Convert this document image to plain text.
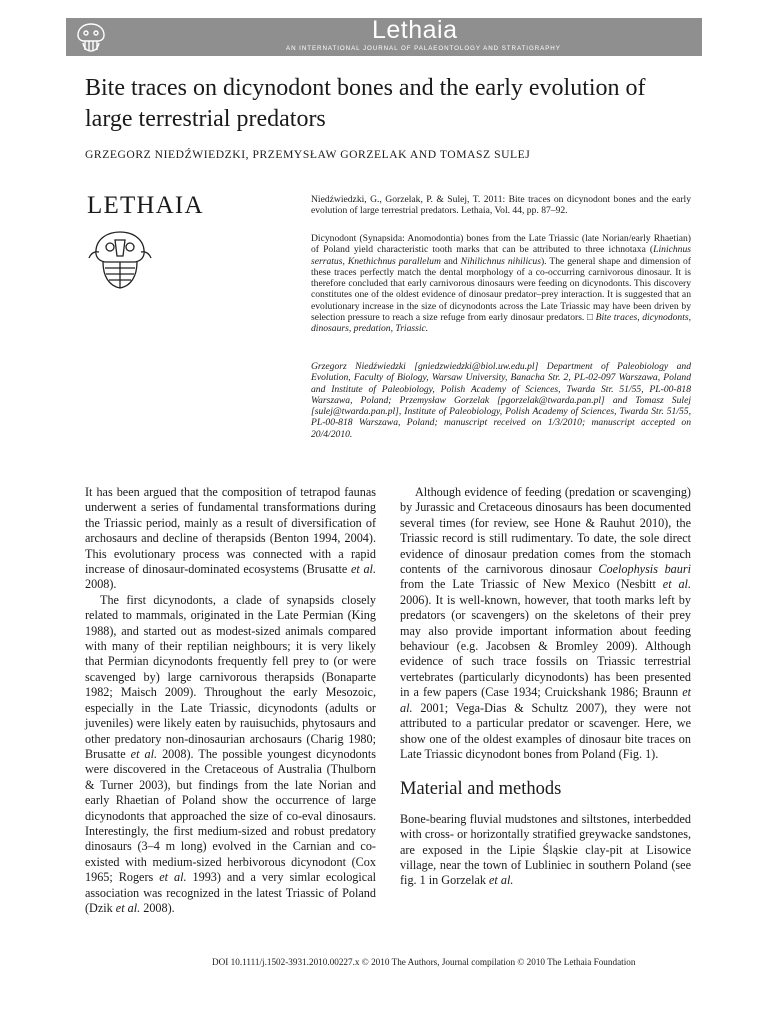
Lethaia
AN INTERNATIONAL JOURNAL OF PALAEONTOLOGY AND STRATIGRAPHY
Bite traces on dicynodont bones and the early evolution of large terrestrial predators
GRZEGORZ NIEDŹWIEDZKI, PRZEMYSŁAW GORZELAK AND TOMASZ SULEJ
LETHAIA	Niedźwiedzki, G., Gorzelak, P. & Sulej, T. 2011: Bite traces on dicynodont bones and the early evolution of large terrestrial predators. Lethaia, Vol. 44, pp. 87–92.
Dicynodont (Synapsida: Anomodontia) bones from the Late Triassic (late Norian/early Rhaetian) of Poland yield characteristic tooth marks that can be attributed to three ichnotaxa (Linichnus serratus, Knethichnus parallelum and Nihilichnus nihilicus). The general shape and dimension of these traces perfectly match the dental morphology of a co-occurring carnivorous dinosaur. It is therefore concluded that early carnivorous dinosaurs were feeding on dicynodonts. This discovery constitutes one of the oldest evidence of dinosaur predator–prey interaction. It is suggested that an evolutionary increase in the size of dicynodonts across the Late Triassic may have been driven by selection pressure to reach a size refuge from early dinosaur predators. □ Bite traces, dicynodonts, dinosaurs, predation, Triassic.
Grzegorz Niedźwiedzki [gniedzwiedzki@biol.uw.edu.pl] Department of Paleobiology and Evolution, Faculty of Biology, Warsaw University, Banacha Str. 2, PL-02-097 Warszawa, Poland and Institute of Paleobiology, Polish Academy of Sciences, Twarda Str. 51/55, PL-00-818 Warszawa, Poland; Przemysław Gorzelak [pgorzelak@twarda.pan.pl] and Tomasz Sulej [sulej@twarda.pan.pl], Institute of Paleobiology, Polish Academy of Sciences, Twarda Str. 51/55, PL-00-818 Warszawa, Poland; manuscript received on 1/3/2010; manuscript accepted on 20/4/2010.

It has been argued that the composition of tetrapod faunas underwent a series of fundamental transformations during the Triassic period, mainly as a result of diversification of archosaurs and decline of therapsids (Benton 1994, 2004). This evolutionary process was connected with a rapid increase of dinosaur-dominated ecosystems (Brusatte et al. 2008).

The first dicynodonts, a clade of synapsids closely related to mammals, originated in the Late Permian (King 1988), and started out as modest-sized animals compared with many of their reptilian neighbours; it is very likely that Permian dicynodonts frequently fell prey to (or were scavenged by) large carnivorous therapsids (Bonaparte 1982; Maisch 2009). Throughout the early Mesozoic, especially in the Late Triassic, dicynodonts (adults or juveniles) were likely eaten by rauisuchids, phytosaurs and other predatory non-dinosaurian archosaurs (Charig 1980; Brusatte et al. 2008). The possible youngest dicynodonts were discovered in the Cretaceous of Australia (Thulborn & Turner 2003), but findings from the late Norian and early Rhaetian of Poland show the occurrence of large dicynodonts that approached the size of co-eval dinosaurs. Interestingly, the first medium-sized and robust predatory dinosaurs (3–4 m long) evolved in the Carnian and co-existed with medium-sized herbivorous dicynodont (Cox 1965; Rogers et al. 1993) and a very simlar ecological association was recognized in the latest Triassic of Poland (Dzik et al. 2008).

Although evidence of feeding (predation or scavenging) by Jurassic and Cretaceous dinosaurs has been documented several times (for review, see Hone & Rauhut 2010), the Triassic record is still rudimentary. To date, the sole direct evidence of dinosaur predation comes from the stomach contents of the carnivorous dinosaur Coelophysis bauri from the Late Triassic of New Mexico (Nesbitt et al. 2006). It is well-known, however, that tooth marks left by predators (or scavengers) on the skeletons of their prey may also provide important information about feeding behaviour (e.g. Jacobsen & Bromley 2009). Although evidence of such trace fossils on Triassic terrestrial vertebrates (particularly dicynodonts) has been presented in a few papers (Case 1934; Cruickshank 1986; Braunn et al. 2001; Vega-Dias & Schultz 2007), they were not attributed to a particular predator or scavenger. Here, we show one of the oldest examples of dinosaur bite traces on Late Triassic dicynodont bones from Poland (Fig. 1).

Material and methods

Bone-bearing fluvial mudstones and siltstones, interbedded with cross- or horizontally stratified greywacke sandstones, are exposed in the Lipie Śląskie clay-pit at Lisowice village, near the town of Lubliniec in southern Poland (see fig. 1 in Gorzelak et al.

DOI 10.1111/j.1502-3931.2010.00227.x © 2010 The Authors, Journal compilation © 2010 The Lethaia Foundation
